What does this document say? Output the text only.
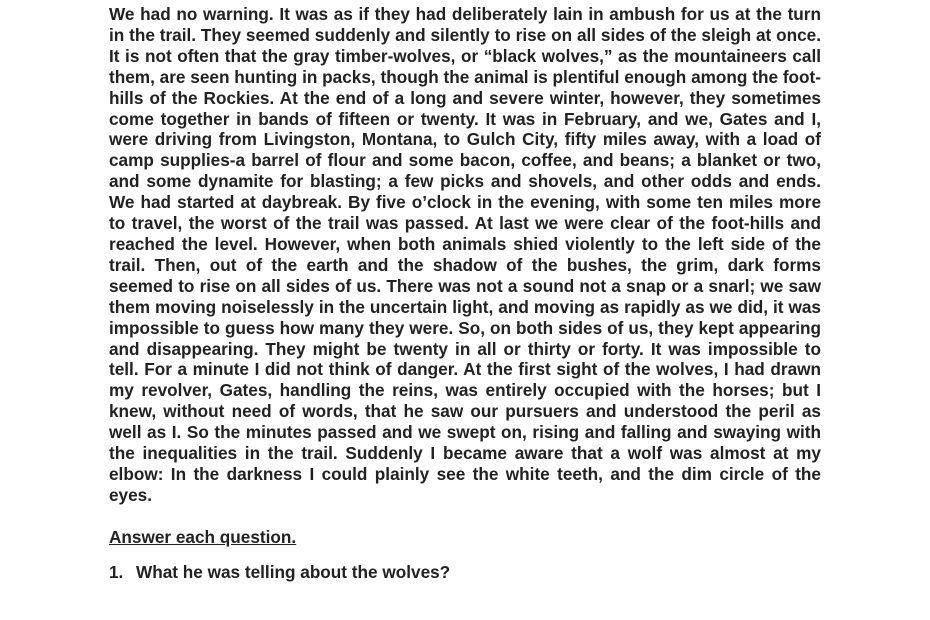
We had no warning. It was as if they had deliberately lain in ambush for us at the turn in the trail. They seemed suddenly and silently to rise on all sides of the sleigh at once. It is not often that the gray timber-wolves, or “black wolves,” as the mountaineers call them, are seen hunting in packs, though the animal is plentiful enough among the foot-hills of the Rockies. At the end of a long and severe winter, however, they sometimes come together in bands of fifteen or twenty. It was in February, and we, Gates and I, were driving from Livingston, Montana, to Gulch City, fifty miles away, with a load of camp supplies-a barrel of flour and some bacon, coffee, and beans; a blanket or two, and some dynamite for blasting; a few picks and shovels, and other odds and ends. We had started at daybreak. By five o’clock in the evening, with some ten miles more to travel, the worst of the trail was passed. At last we were clear of the foot-hills and reached the level. However, when both animals shied violently to the left side of the trail. Then, out of the earth and the shadow of the bushes, the grim, dark forms seemed to rise on all sides of us. There was not a sound not a snap or a snarl; we saw them moving noiselessly in the uncertain light, and moving as rapidly as we did, it was impossible to guess how many they were. So, on both sides of us, they kept appearing and disappearing. They might be twenty in all or thirty or forty. It was impossible to tell. For a minute I did not think of danger. At the first sight of the wolves, I had drawn my revolver, Gates, handling the reins, was entirely occupied with the horses; but I knew, without need of words, that he saw our pursuers and understood the peril as well as I. So the minutes passed and we swept on, rising and falling and swaying with the inequalities in the trail. Suddenly I became aware that a wolf was almost at my elbow: In the darkness I could plainly see the white teeth, and the dim circle of the eyes.

Answer each question.
1. What he was telling about the wolves?
